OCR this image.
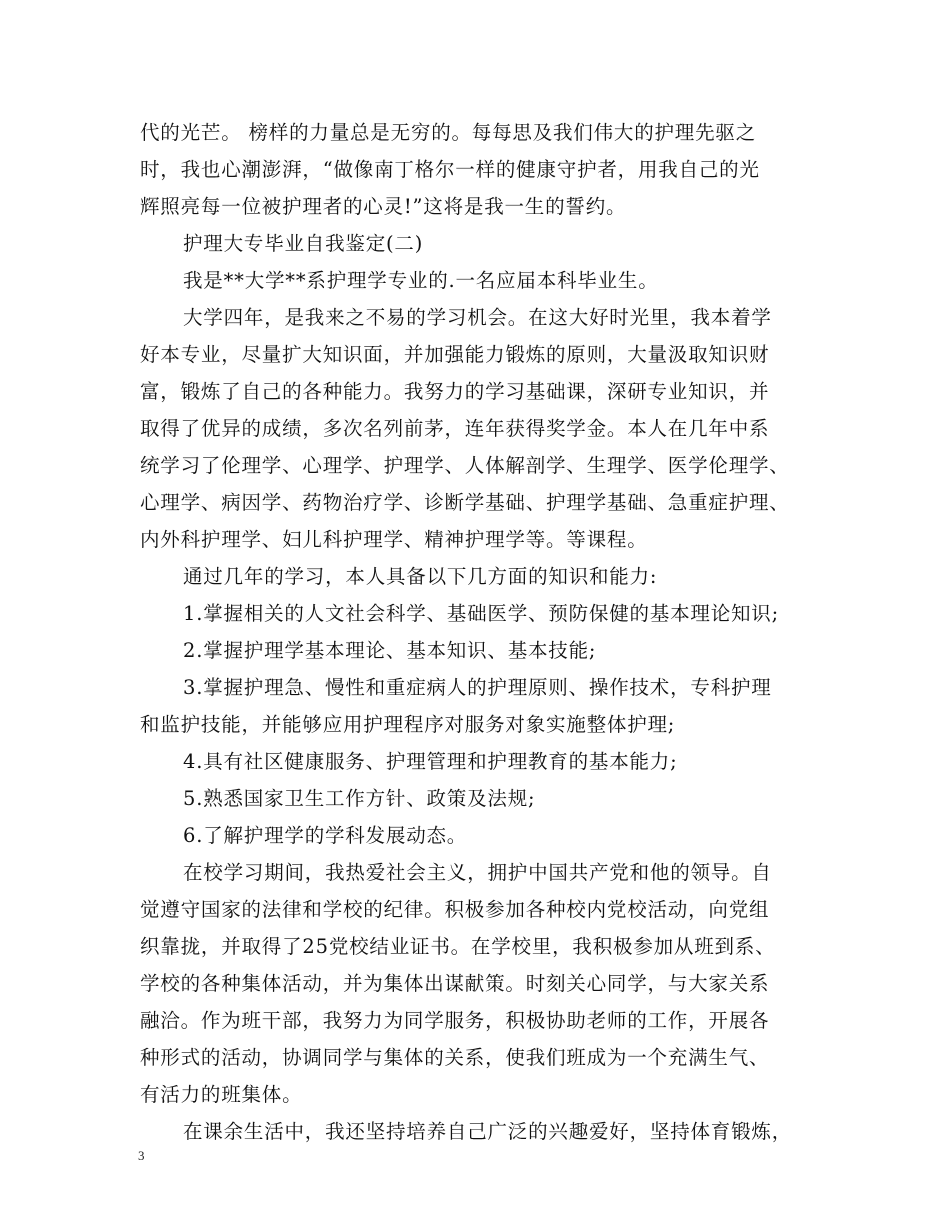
代的光芒。 榜样的力量总是无穷的。每每思及我们伟大的护理先驱之
时，我也心潮澎湃，“做像南丁格尔一样的健康守护者，用我自己的光
辉照亮每一位被护理者的心灵!”这将是我一生的誓约。
护理大专毕业自我鉴定(二)
我是**大学**系护理学专业的.一名应届本科毕业生。
大学四年，是我来之不易的学习机会。在这大好时光里，我本着学
好本专业，尽量扩大知识面，并加强能力锻炼的原则，大量汲取知识财
富，锻炼了自己的各种能力。我努力的学习基础课，深研专业知识，并
取得了优异的成绩，多次名列前茅，连年获得奖学金。本人在几年中系
统学习了伦理学、心理学、护理学、人体解剖学、生理学、医学伦理学、
心理学、病因学、药物治疗学、诊断学基础、护理学基础、急重症护理、
内外科护理学、妇儿科护理学、精神护理学等。等课程。
通过几年的学习，本人具备以下几方面的知识和能力:
1.掌握相关的人文社会科学、基础医学、预防保健的基本理论知识;
2.掌握护理学基本理论、基本知识、基本技能;
3.掌握护理急、慢性和重症病人的护理原则、操作技术，专科护理
和监护技能，并能够应用护理程序对服务对象实施整体护理;
4.具有社区健康服务、护理管理和护理教育的基本能力;
5.熟悉国家卫生工作方针、政策及法规;
6.了解护理学的学科发展动态。
在校学习期间，我热爱社会主义，拥护中国共产党和他的领导。自
觉遵守国家的法律和学校的纪律。积极参加各种校内党校活动，向党组
织靠拢，并取得了25党校结业证书。在学校里，我积极参加从班到系、
学校的各种集体活动，并为集体出谋献策。时刻关心同学，与大家关系
融洽。作为班干部，我努力为同学服务，积极协助老师的工作，开展各
种形式的活动，协调同学与集体的关系，使我们班成为一个充满生气、
有活力的班集体。
在课余生活中，我还坚持培养自己广泛的兴趣爱好，坚持体育锻炼，
3
